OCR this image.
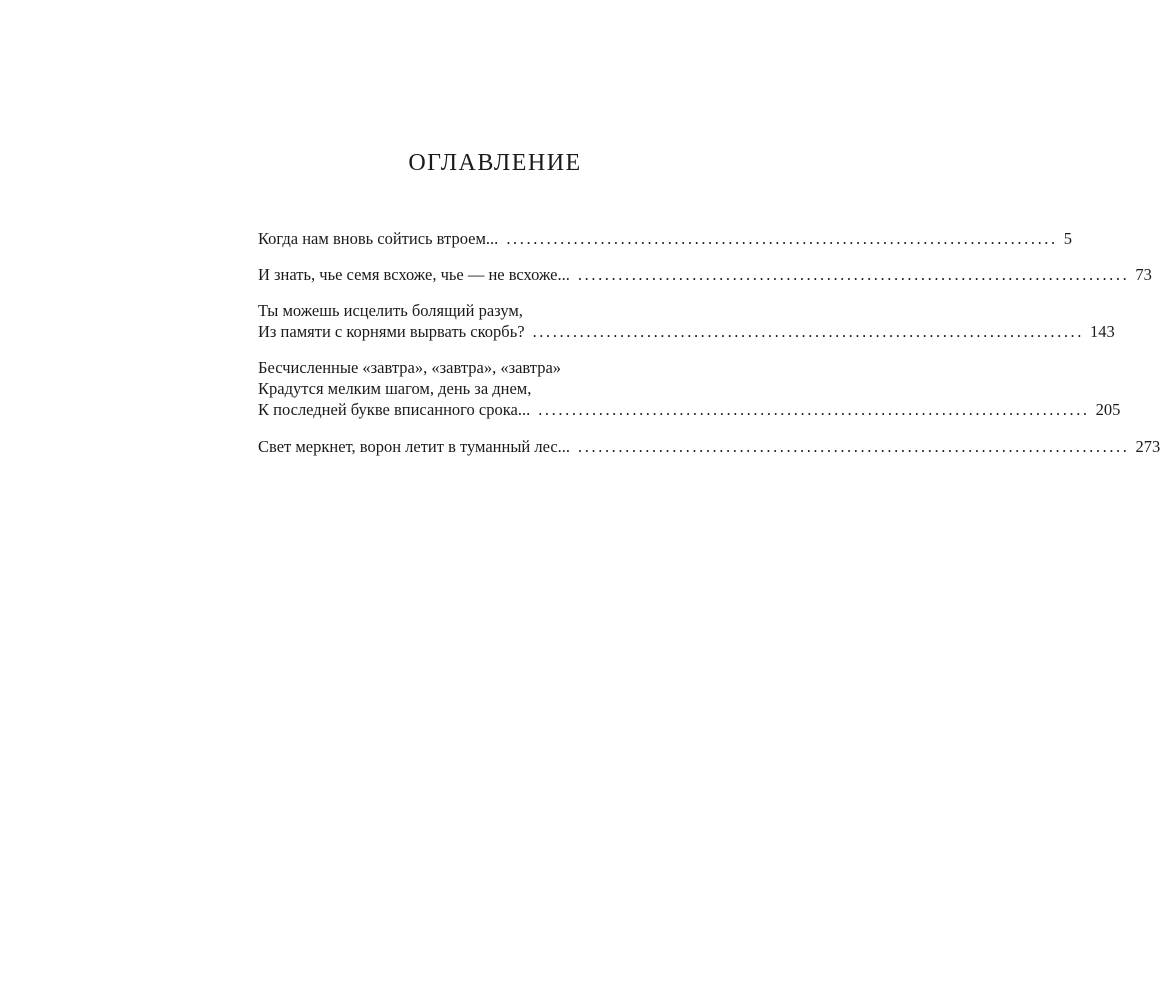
ОГЛАВЛЕНИЕ
Когда нам вновь сойтись втроем... .................................................................................. 5
И знать, чье семя всхоже, чье — не всхоже... .................................................................................. 73
Ты можешь исцелить болящий разум,
Из памяти с корнями вырвать скорбь? .................................................................................. 143
Бесчисленные «завтра», «завтра», «завтра»
Крадутся мелким шагом, день за днем,
К последней букве вписанного срока... .................................................................................. 205
Свет меркнет, ворон летит в туманный лес... .................................................................................. 273
